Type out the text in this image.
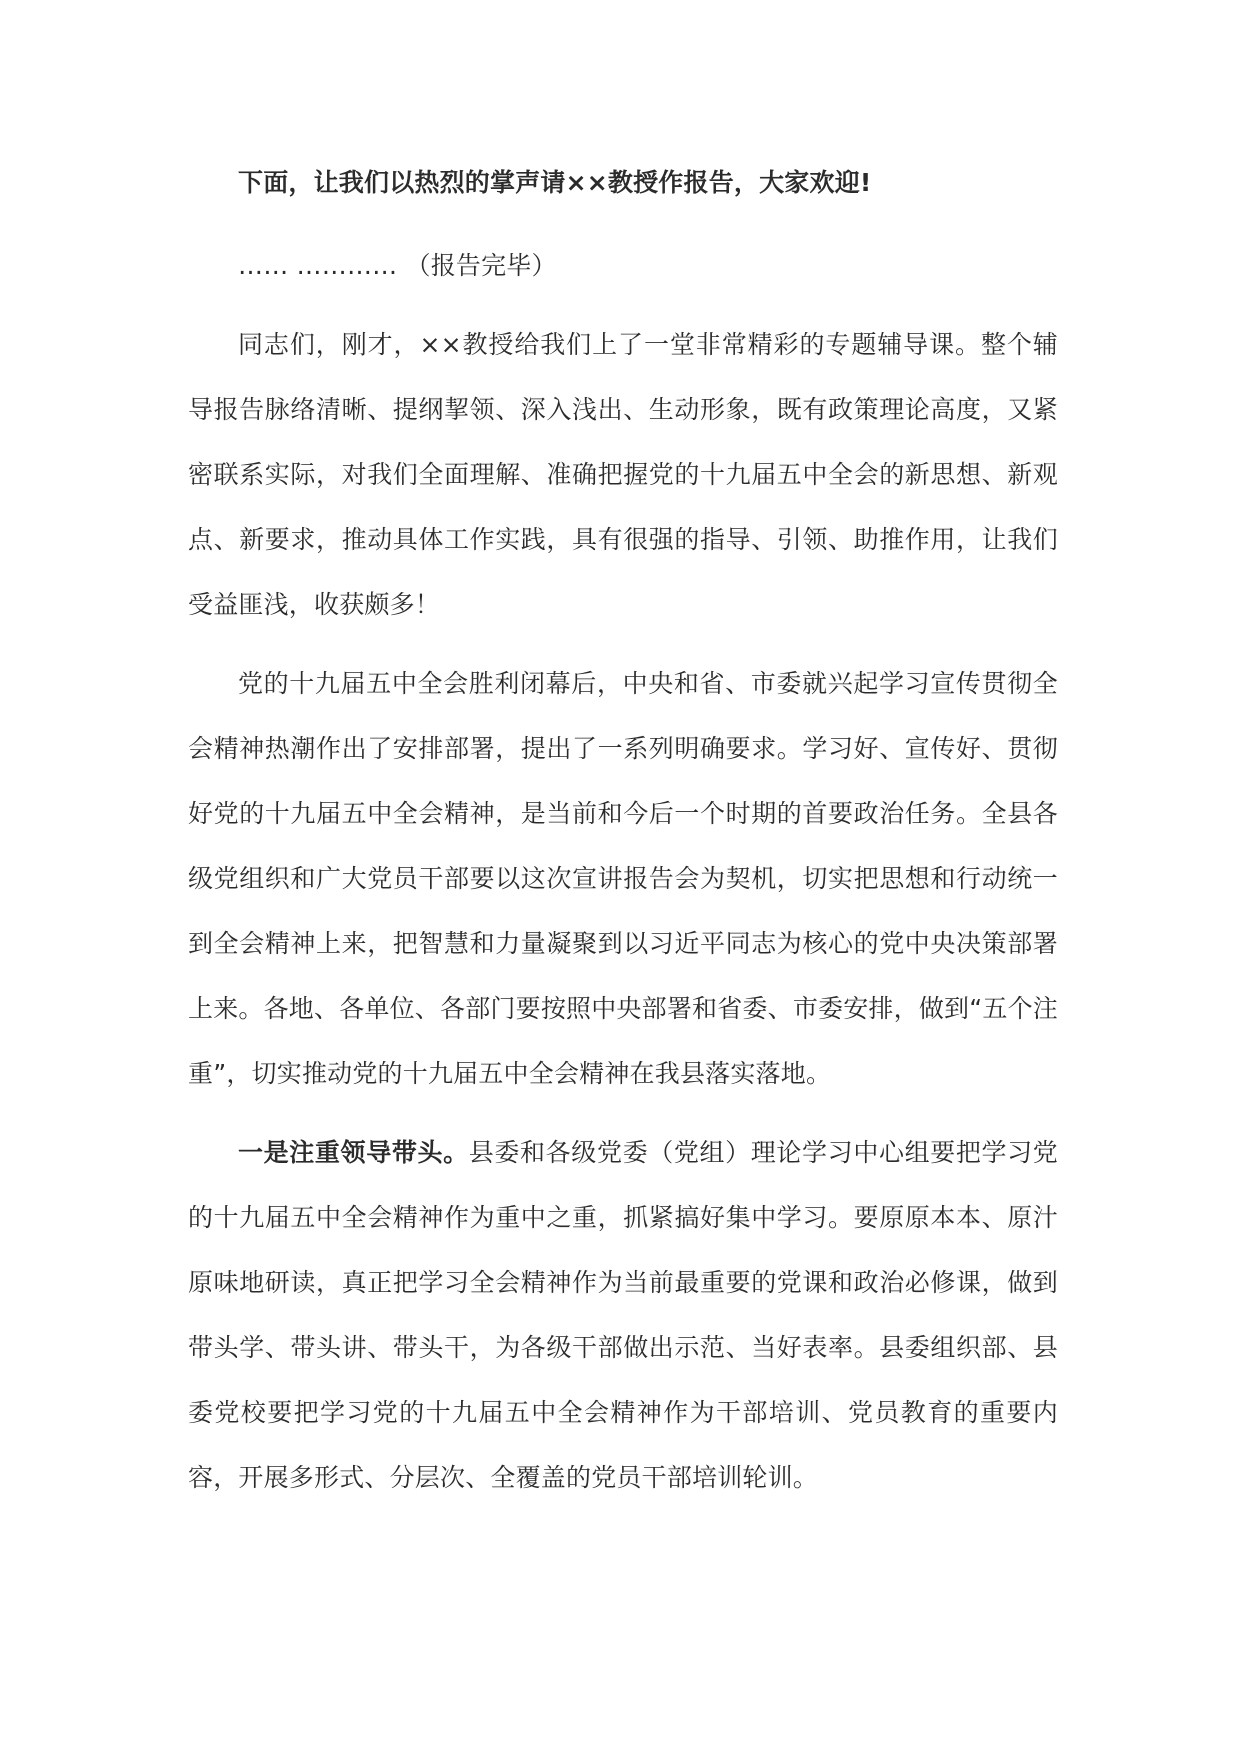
下面，让我们以热烈的掌声请××教授作报告，大家欢迎!

…… ………… （报告完毕）

同志们，刚才，××教授给我们上了一堂非常精彩的专题辅导课。整个辅导报告脉络清晰、提纲挈领、深入浅出、生动形象，既有政策理论高度，又紧密联系实际，对我们全面理解、准确把握党的十九届五中全会的新思想、新观点、新要求，推动具体工作实践，具有很强的指导、引领、助推作用，让我们受益匪浅，收获颇多！

党的十九届五中全会胜利闭幕后，中央和省、市委就兴起学习宣传贯彻全会精神热潮作出了安排部署，提出了一系列明确要求。学习好、宣传好、贯彻好党的十九届五中全会精神，是当前和今后一个时期的首要政治任务。全县各级党组织和广大党员干部要以这次宣讲报告会为契机，切实把思想和行动统一到全会精神上来，把智慧和力量凝聚到以习近平同志为核心的党中央决策部署上来。各地、各单位、各部门要按照中央部署和省委、市委安排，做到“五个注重”，切实推动党的十九届五中全会精神在我县落实落地。

一是注重领导带头。县委和各级党委（党组）理论学习中心组要把学习党的十九届五中全会精神作为重中之重，抓紧搞好集中学习。要原原本本、原汁原味地研读，真正把学习全会精神作为当前最重要的党课和政治必修课，做到带头学、带头讲、带头干，为各级干部做出示范、当好表率。县委组织部、县委党校要把学习党的十九届五中全会精神作为干部培训、党员教育的重要内容，开展多形式、分层次、全覆盖的党员干部培训轮训。
